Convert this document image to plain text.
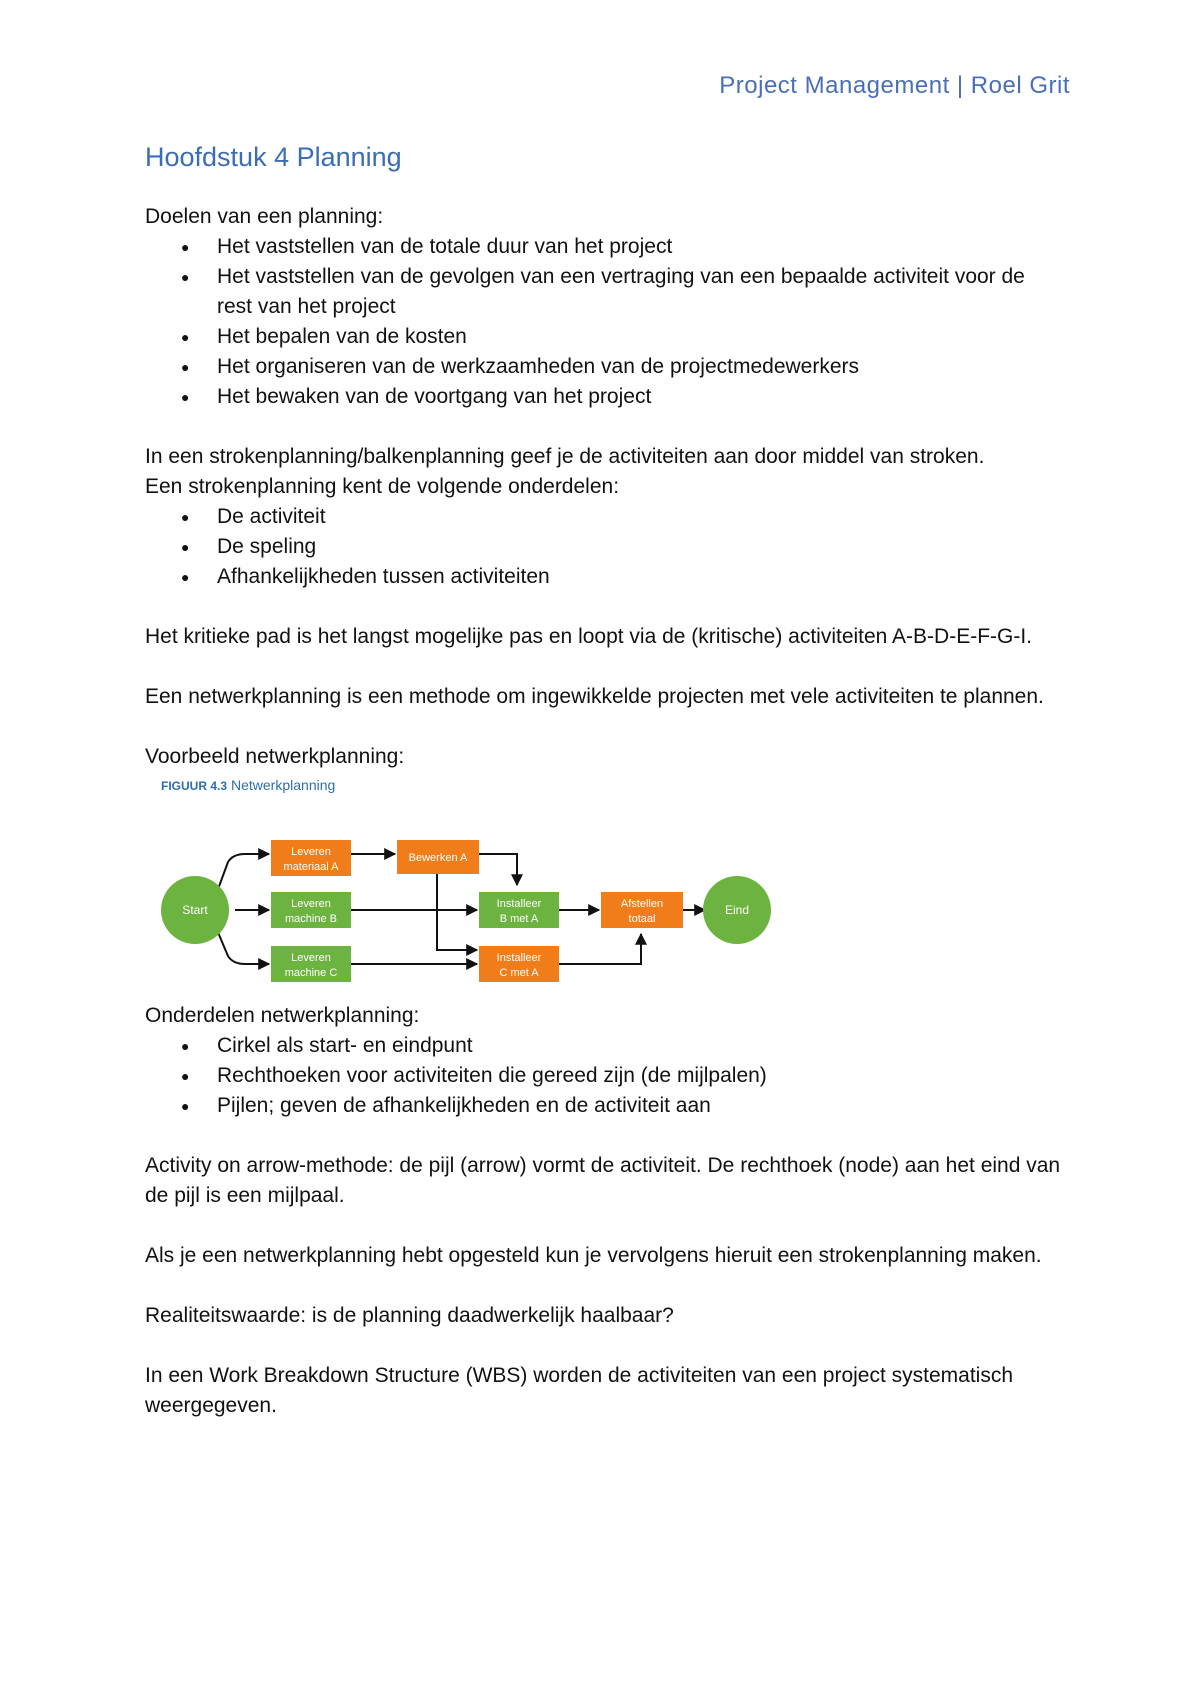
Project Management | Roel Grit
Hoofdstuk 4 Planning

Doelen van een planning:

● Het vaststellen van de totale duur van het project
● Het vaststellen van de gevolgen van een vertraging van een bepaalde activiteit voor de rest van het project
● Het bepalen van de kosten
● Het organiseren van de werkzaamheden van de projectmedewerkers
● Het bewaken van de voortgang van het project

In een strokenplanning/balkenplanning geef je de activiteiten aan door middel van stroken.

Een strokenplanning kent de volgende onderdelen:

● De activiteit
● De speling
● Afhankelijkheden tussen activiteiten

Het kritieke pad is het langst mogelijke pas en loopt via de (kritische) activiteiten A-B-D-E-F-G-I.

Een netwerkplanning is een methode om ingewikkelde projecten met vele activiteiten te plannen.

Voorbeeld netwerkplanning:

FIGUUR 4.3 Netwerkplanning
Start	Eind
Leveren
materiaal A
Bewerken A
Leveren
machine B
Installeer
B met A
Afstellen
totaal
Leveren
machine C
Installeer
C met A

Onderdelen netwerkplanning:

● Cirkel als start- en eindpunt
● Rechthoeken voor activiteiten die gereed zijn (de mijlpalen)
● Pijlen; geven de afhankelijkheden en de activiteit aan

Activity on arrow-methode: de pijl (arrow) vormt de activiteit. De rechthoek (node) aan het eind van de pijl is een mijlpaal.

Als je een netwerkplanning hebt opgesteld kun je vervolgens hieruit een strokenplanning maken.

Realiteitswaarde: is de planning daadwerkelijk haalbaar?

In een Work Breakdown Structure (WBS) worden de activiteiten van een project systematisch weergegeven.
